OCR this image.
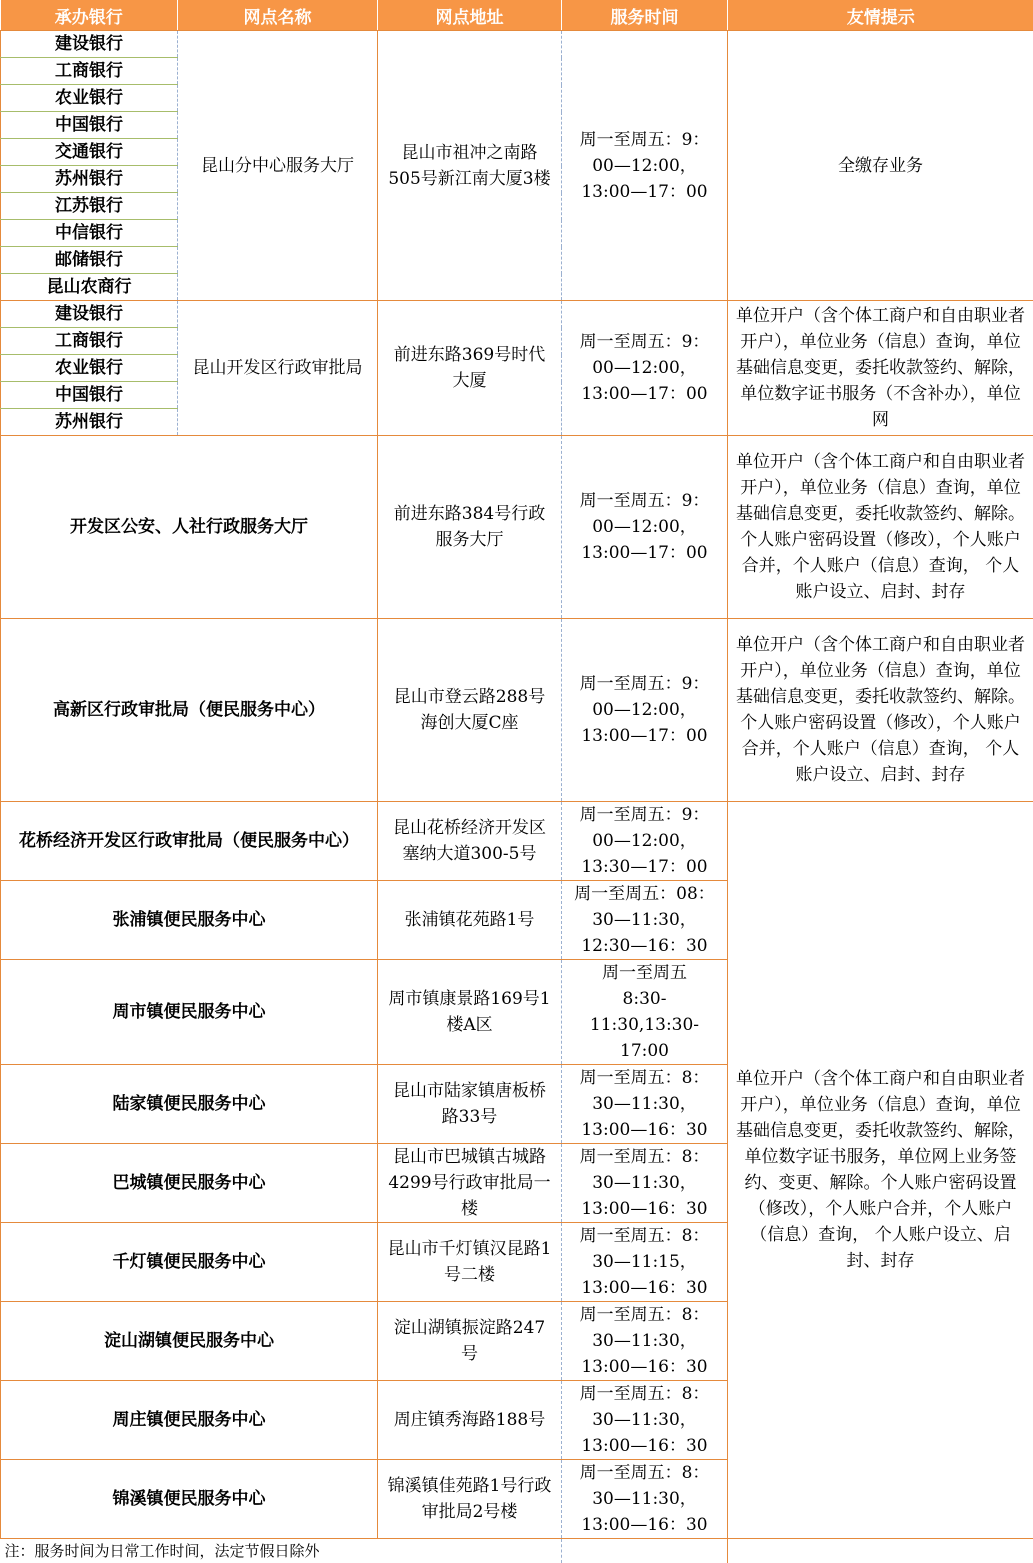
承办银行	网点名称	网点地址	服务时间	友情提示
建设银行	昆山分中心服务大厅	昆山市祖冲之南路505号新江南大厦3楼	周一至周五：9：00—12:00，13:00—17：00	全缴存业务
工商银行				
农业银行				
中国银行				
交通银行				
苏州银行				
江苏银行				
中信银行				
邮储银行				
昆山农商行				
建设银行	昆山开发区行政审批局	前进东路369号时代大厦	周一至周五：9：00—12:00，13:00—17：00	单位开户（含个体工商户和自由职业者开户），单位业务（信息）查询，单位基础信息变更，委托收款签约、解除，单位数字证书服务（不含补办），单位网

工商银行				
农业银行				
中国银行				
苏州银行				
开发区公安、人社行政服务大厅		前进东路384号行政服务大厅	周一至周五：9：00—12:00，13:00—17：00	单位开户（含个体工商户和自由职业者开户），单位业务（信息）查询，单位基础信息变更，委托收款签约、解除。个人账户密码设置（修改），个人账户合并，个人账户（信息）查询， 个人账户设立、启封、封存
高新区行政审批局（便民服务中心）		昆山市登云路288号海创大厦C座	周一至周五：9：00—12:00，13:00—17：00	单位开户（含个体工商户和自由职业者开户），单位业务（信息）查询，单位基础信息变更，委托收款签约、解除。个人账户密码设置（修改），个人账户合并，个人账户（信息）查询， 个人账户设立、启封、封存

花桥经济开发区行政审批局（便民服务中心）		昆山花桥经济开发区塞纳大道300-5号	周一至周五：9：00—12:00，13:30—17：00	单位开户（含个体工商户和自由职业者开户），单位业务（信息）查询，单位基础信息变更，委托收款签约、解除，单位数字证书服务，单位网上业务签约、变更、解除。个人账户密码设置（修改），个人账户合并，个人账户（信息）查询， 个人账户设立、启封、封存
张浦镇便民服务中心		张浦镇花苑路1号	周一至周五：08：30—11:30，12:30—16：30	

周市镇便民服务中心		周市镇康景路169号1楼A区	周一至周五 8:30-11:30,13:30-17:00	

陆家镇便民服务中心		昆山市陆家镇唐板桥路33号	周一至周五：8：30—11:30，13:00—16：30	

巴城镇便民服务中心		昆山市巴城镇古城路4299号行政审批局一楼	周一至周五：8：30—11:30，13:00—16：30	

千灯镇便民服务中心		昆山市千灯镇汉昆路1号二楼	周一至周五：8：30—11:15，13:00—16：30	

淀山湖镇便民服务中心		淀山湖镇振淀路247号	周一至周五：8：30—11:30，13:00—16：30	

周庄镇便民服务中心		周庄镇秀海路188号	周一至周五：8：30—11:30，13:00—16：30	

锦溪镇便民服务中心		锦溪镇佳苑路1号行政审批局2号楼	周一至周五：8：30—11:30，13:00—16：30	

注：服务时间为日常工作时间，法定节假日除外				
